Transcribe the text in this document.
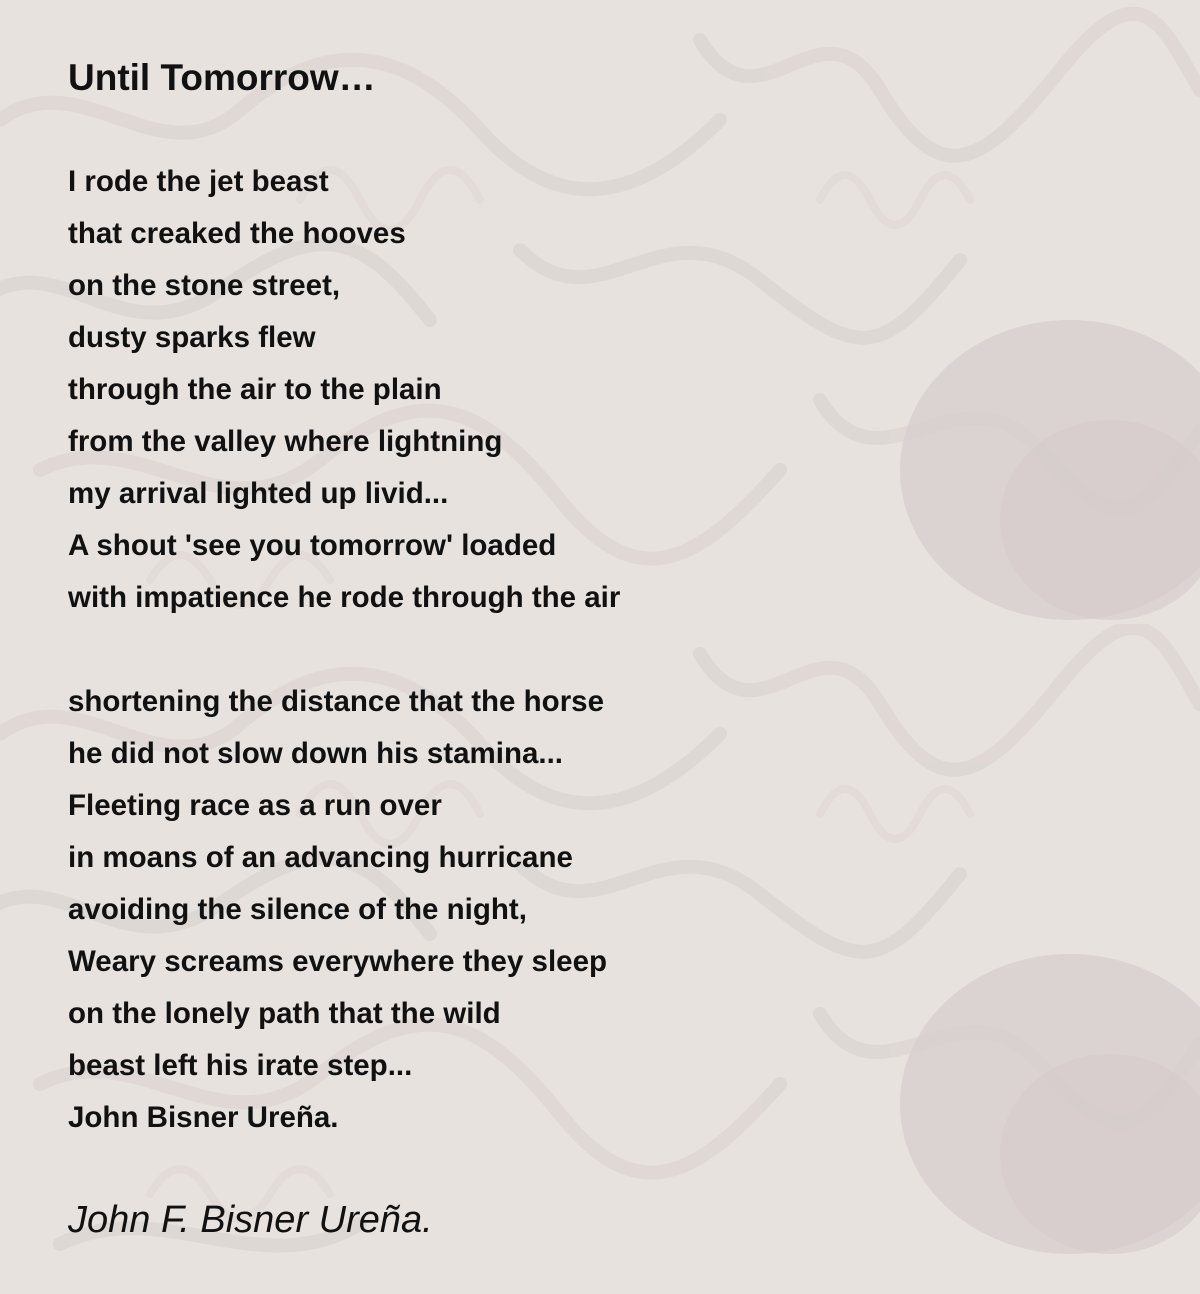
Until Tomorrow…
I rode the jet beast
that creaked the hooves
on the stone street,
dusty sparks flew
through the air to the plain
from the valley where lightning
my arrival lighted up livid...
A shout 'see you tomorrow' loaded
with impatience he rode through the air
shortening the distance that the horse
he did not slow down his stamina...
Fleeting race as a run over
in moans of an advancing hurricane
avoiding the silence of the night,
Weary screams everywhere they sleep
on the lonely path that the wild
beast left his irate step...
John Bisner Ureña.

John F. Bisner Ureña.
